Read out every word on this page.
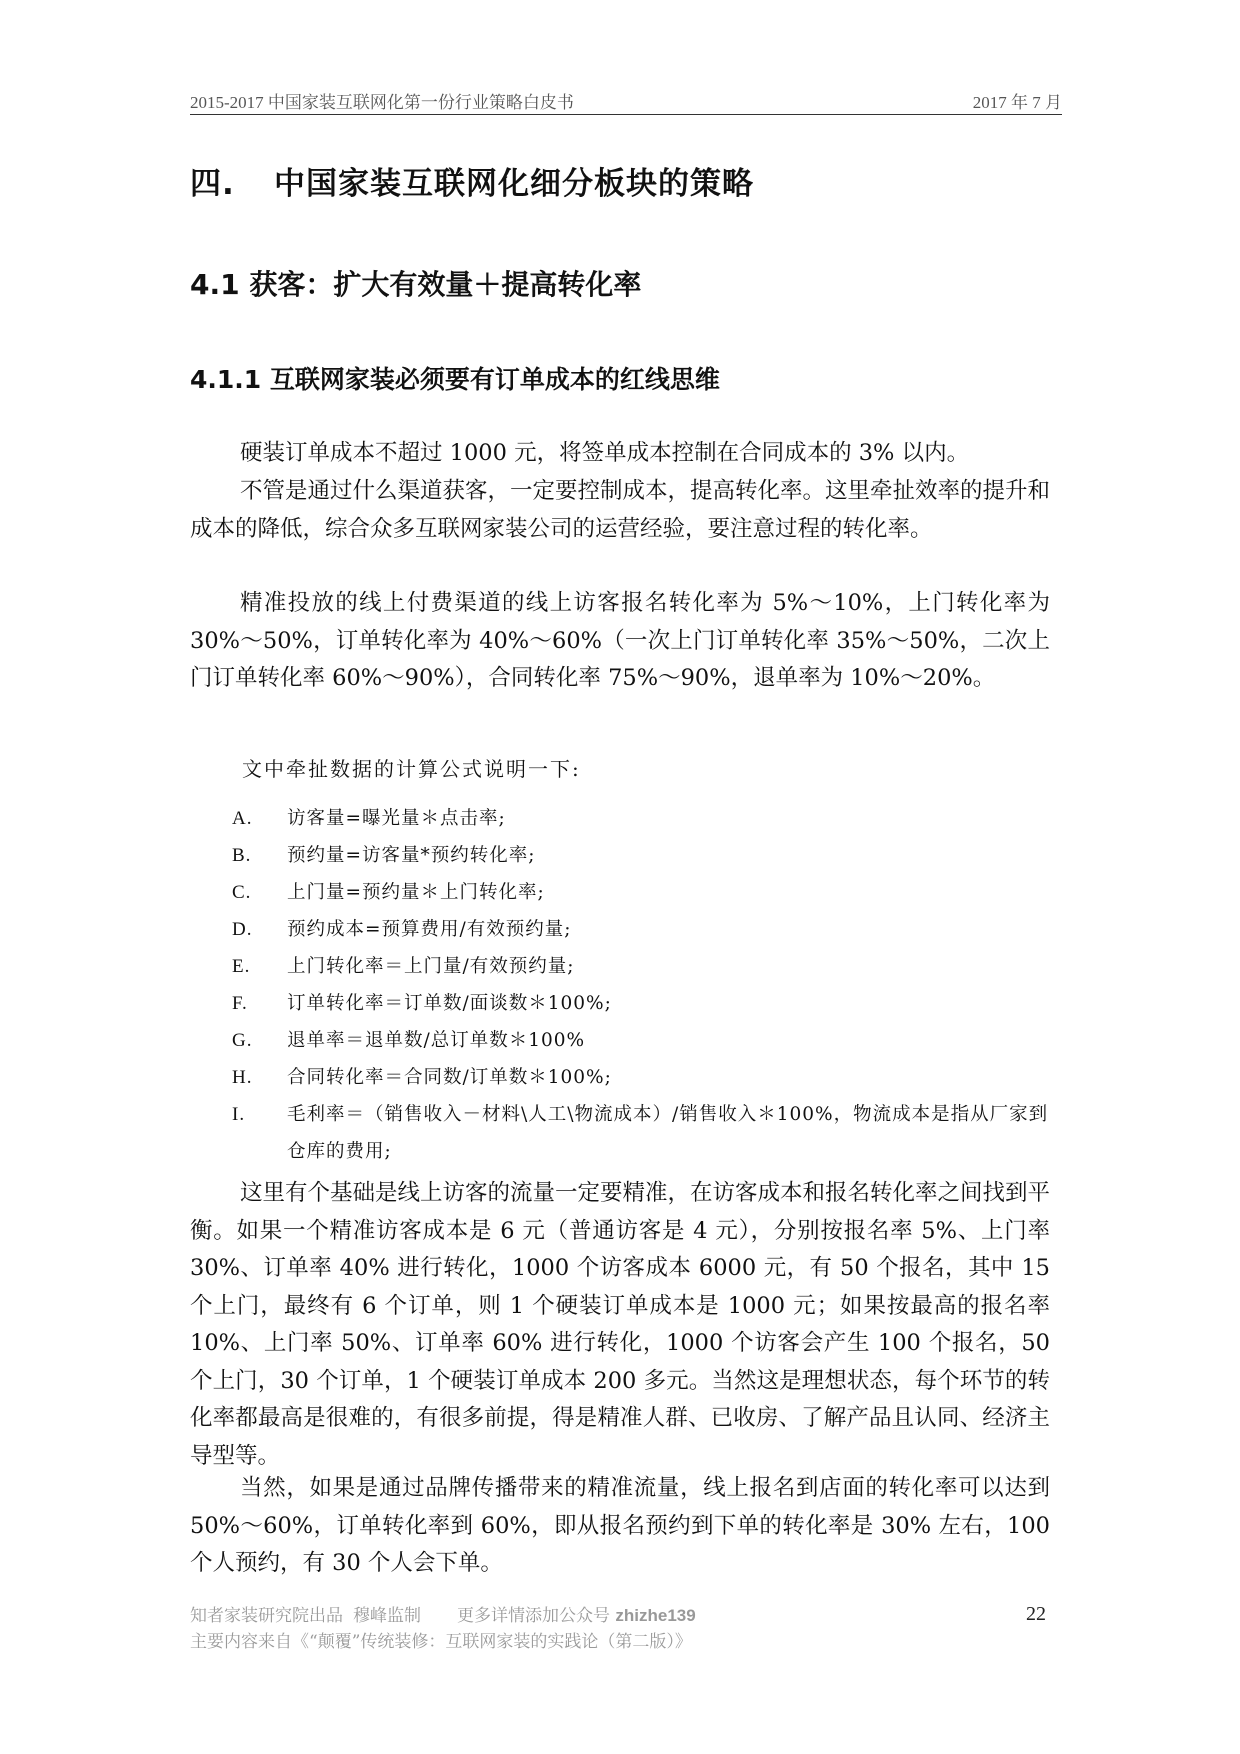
2015-2017 中国家装互联网化第一份行业策略白皮书	2017 年 7 月
四. 中国家装互联网化细分板块的策略
4.1 获客：扩大有效量＋提高转化率
4.1.1 互联网家装必须要有订单成本的红线思维

硬装订单成本不超过 1000 元，将签单成本控制在合同成本的 3% 以内。

不管是通过什么渠道获客，一定要控制成本，提高转化率。这里牵扯效率的提升和成本的降低，综合众多互联网家装公司的运营经验，要注意过程的转化率。

精准投放的线上付费渠道的线上访客报名转化率为 5%～10%，上门转化率为 30%～50%，订单转化率为 40%～60%（一次上门订单转化率 35%～50%，二次上门订单转化率 60%～90%），合同转化率 75%～90%，退单率为 10%～20%。

文中牵扯数据的计算公式说明一下:
A. 访客量=曝光量＊点击率;
B. 预约量=访客量*预约转化率;
C. 上门量=预约量＊上门转化率;
D. 预约成本=预算费用/有效预约量;
E. 上门转化率＝上门量/有效预约量;
F. 订单转化率＝订单数/面谈数＊100%;
G. 退单率＝退单数/总订单数＊100%
H. 合同转化率＝合同数/订单数＊100%;
I. 毛利率＝（销售收入－材料\人工\物流成本）/销售收入＊100%，物流成本是指从厂家到仓库的费用;

这里有个基础是线上访客的流量一定要精准，在访客成本和报名转化率之间找到平衡。如果一个精准访客成本是 6 元（普通访客是 4 元），分别按报名率 5%、上门率 30%、订单率 40% 进行转化，1000 个访客成本 6000 元，有 50 个报名，其中 15 个上门，最终有 6 个订单，则 1 个硬装订单成本是 1000 元；如果按最高的报名率 10%、上门率 50%、订单率 60% 进行转化，1000 个访客会产生 100 个报名，50 个上门，30 个订单，1 个硬装订单成本 200 多元。当然这是理想状态，每个环节的转化率都最高是很难的，有很多前提，得是精准人群、已收房、了解产品且认同、经济主导型等。

当然，如果是通过品牌传播带来的精准流量，线上报名到店面的转化率可以达到 50%～60%，订单转化率到 60%，即从报名预约到下单的转化率是 30% 左右，100 个人预约，有 30 个人会下单。

知者家装研究院出品 穆峰监制 更多详情添加公众号 zhizhe139
主要内容来自《“颠覆”传统装修：互联网家装的实践论（第二版）》
22
